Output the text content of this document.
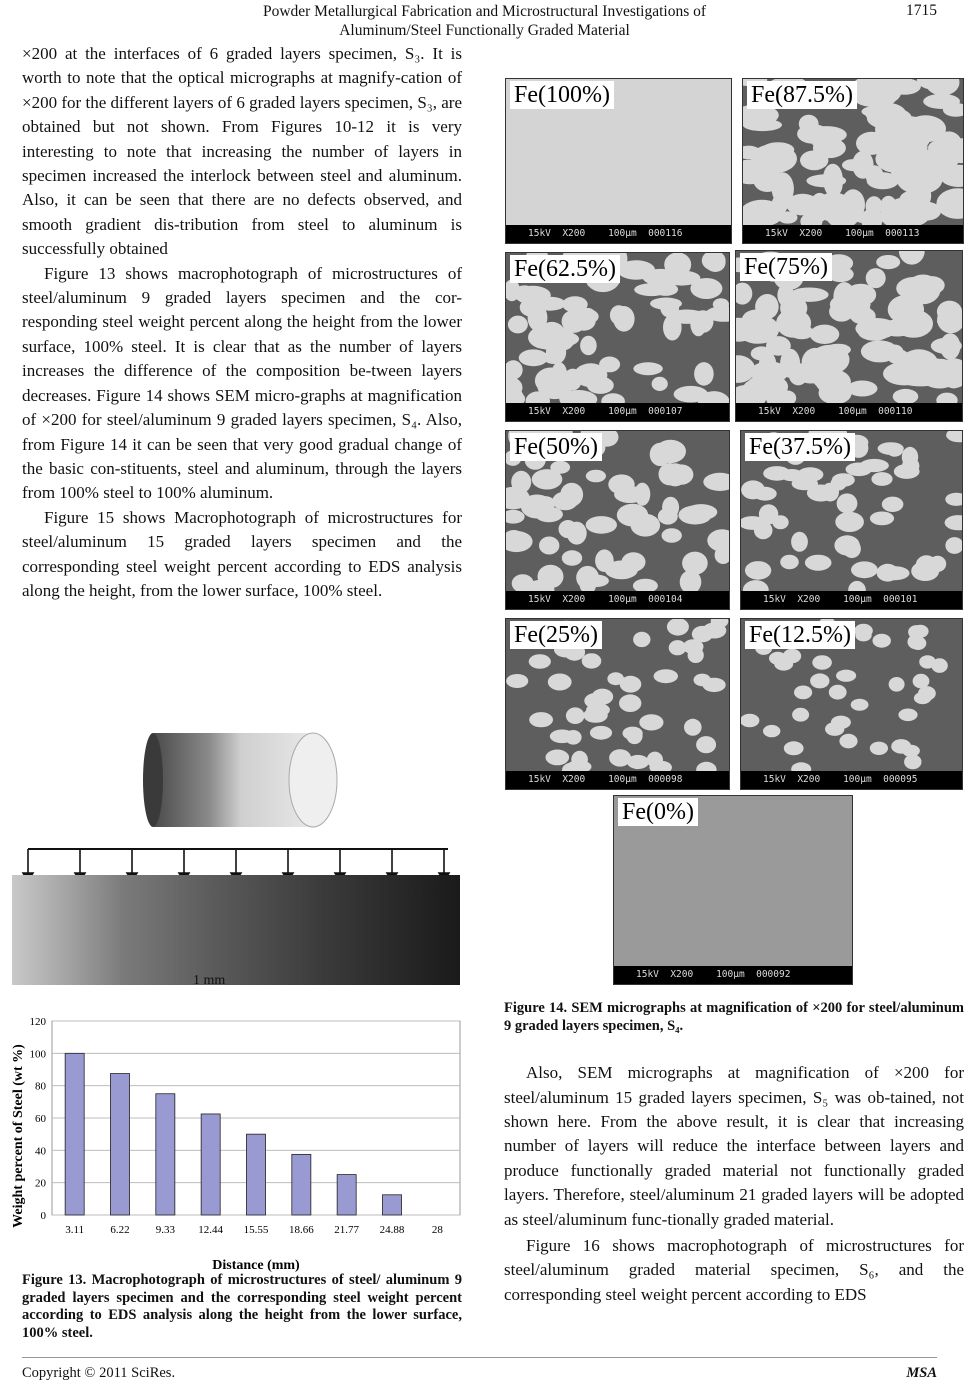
Powder Metallurgical Fabrication and Microstructural Investigations of
Aluminum/Steel Functionally Graded Material
1715

×200 at the interfaces of 6 graded layers specimen, S₃. It is worth to note that the optical micrographs at magnify-cation of ×200 for the different layers of 6 graded layers specimen, S₃, are obtained but not shown. From Figures 10-12 it is very interesting to note that increasing the number of layers in specimen increased the interlock between steel and aluminum. Also, it can be seen that there are no defects observed, and smooth gradient dis-tribution from steel to aluminum is successfully obtained

Figure 13 shows macrophotograph of microstructures of steel/aluminum 9 graded layers specimen and the cor-responding steel weight percent along the height from the lower surface, 100% steel. It is clear that as the number of layers increases the difference of the composition be-tween layers decreases. Figure 14 shows SEM micro-graphs at magnification of ×200 for steel/aluminum 9 graded layers specimen, S₄. Also, from Figure 14 it can be seen that very good gradual change of the basic con-stituents, steel and aluminum, through the layers from 100% steel to 100% aluminum.

Figure 15 shows Macrophotograph of microstructures for steel/aluminum 15 graded layers specimen and the corresponding steel weight percent according to EDS analysis along the height, from the lower surface, 100% steel.

1 mm
0
20
40
60
80
100
120
3.11 6.22 9.33 12.44 15.55 18.66 21.77 24.88 28
Distance (mm)
Weight percent of Steel (wt %)
Figure 13. Macrophotograph of microstructures of steel/ aluminum 9 graded layers specimen and the corresponding steel weight percent according to EDS analysis along the height from the lower surface, 100% steel.
Fe(100%)
15kV  X200    100µm  000116
Fe(87.5%)
15kV  X200    100µm  000113
Fe(62.5%)
15kV  X200    100µm  000107
Fe(75%)
15kV  X200    100µm  000110
Fe(50%)
15kV  X200    100µm  000104
Fe(37.5%)
15kV  X200    100µm  000101
Fe(25%)
15kV  X200    100µm  000098
Fe(12.5%)
15kV  X200    100µm  000095
Fe(0%)
15kV  X200    100µm  000092

Figure 14. SEM micrographs at magnification of ×200 for steel/aluminum 9 graded layers specimen, S₄.

Also, SEM micrographs at magnification of ×200 for steel/aluminum 15 graded layers specimen, S₅ was ob-tained, not shown here. From the above result, it is clear that increasing number of layers will reduce the interface between layers and produce functionally graded material not functionally graded layers. Therefore, steel/aluminum 21 graded layers will be adopted as steel/aluminum func-tionally graded material.

Figure 16 shows macrophotograph of microstructures for steel/aluminum graded material specimen, S₆, and the corresponding steel weight percent according to EDS

Copyright © 2011 SciRes.	MSA
